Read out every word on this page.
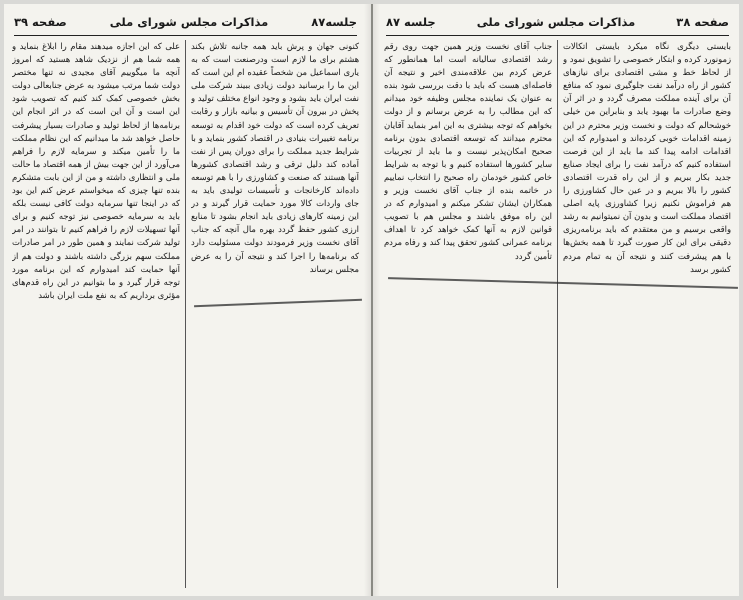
جلسه۸۷
مذاکرات مجلس شورای ملی
صفحه ۳۹

کنونی جهان و پرش باید همه جانبه تلاش بکند هشتم برای ما لازم است ودرصنعت است که به یاری اسماعیل من شخصاً عقیده ام این است که این ما را برسانید دولت زیادی ببیند شرکت ملی نفت ایران باید بشود و وجود انواع مختلف تولید و پخش در بیرون آن تأسیس و بیانیه بازار و رقابت تعریف کرده است که دولت خود اقدام به توسعه برنامه تغییرات بنیادی در اقتصاد کشور بنماید و با شرایط جدید مملکت را برای دوران پس از نفت آماده کند دلیل ترقی و رشد اقتصادی کشورها آنها هستند که صنعت و کشاورزی را با هم توسعه داده‌اند کارخانجات و تأسیسات تولیدی باید به جای واردات کالا مورد حمایت قرار گیرند و در این زمینه کارهای زیادی باید انجام بشود تا منابع ارزی کشور حفظ گردد بهره‌ مال آنچه که جناب آقای نخست وزیر فرمودند دولت مسئولیت دارد که برنامه‌ها را اجرا کند و نتیجه آن را به عرض مجلس برساند

علی که این اجازه میدهند مقام را ابلاغ بنماید و همه شما هم از نزدیک شاهد هستید که امروز آنچه ما میگوییم آقای مجیدی نه تنها مختصر دولت شما مرتب میشود به عرض جنابعالی دولت بخش خصوصی کمک کند کنیم که تصویب شود این است و آن این است که در اثر انجام این برنامه‌ها از لحاظ تولید و صادرات بسیار پیشرفت حاصل خواهد شد ما میدانیم که این نظام مملکت ما را تأمین میکند و سرمایه لازم را فراهم می‌آورد از این جهت بیش از همه اقتصاد ما حالت ملی و انتظاری داشته و من از این بابت متشکرم بنده تنها چیزی که میخواستم عرض کنم این بود که در اینجا تنها سرمایه دولت کافی نیست بلکه باید به سرمایه خصوصی نیز توجه کنیم و برای آنها تسهیلات لازم را فراهم کنیم تا بتوانند در امر تولید شرکت نمایند و همین طور در امر صادرات مملکت سهم بزرگی داشته باشند و دولت هم از آنها حمایت کند امیدوارم که این برنامه مورد توجه قرار گیرد و ما بتوانیم در این راه قدم‌های مؤثری برداریم که به نفع ملت ایران باشد

صفحه ۳۸
مذاکرات مجلس شورای ملی
جلسه ۸۷

بایستی دیگری نگاه میکرد بایستی اتکالات زمونورد کرده و ابتکار خصوصی را تشویق نمود و از لحاظ خط و مشی اقتصادی برای نیازهای کشور از راه درآمد نفت جلوگیری نمود که منافع آن برای آینده مملکت مصرف گردد و در اثر آن وضع صادرات ما بهبود یابد و بنابراین من خیلی خوشحالم که دولت و نخست وزیر محترم در این زمینه اقدامات خوبی کرده‌اند و امیدوارم که این اقدامات ادامه پیدا کند ما باید از این فرصت استفاده کنیم که درآمد نفت را برای ایجاد صنایع جدید بکار ببریم و از این راه قدرت اقتصادی کشور را بالا ببریم و در عین حال کشاورزی را هم فراموش نکنیم زیرا کشاورزی پایه اصلی اقتصاد مملکت است و بدون آن نمیتوانیم به رشد واقعی برسیم و من معتقدم که باید برنامه‌ریزی دقیقی برای این کار صورت گیرد تا همه بخش‌ها با هم پیشرفت کنند و نتیجه آن به تمام مردم کشور برسد

جناب آقای نخست وزیر همین جهت روی رقم رشد اقتصادی سالیانه است اما همانطور که عرض کردم بین علاقه‌مندی اخیر و نتیجه آن فاصله‌ای هست که باید با دقت بررسی شود بنده به عنوان یک نماینده مجلس وظیفه خود میدانم که این مطالب را به عرض برسانم و از دولت بخواهم که توجه بیشتری به این امر بنماید آقایان محترم میدانند که توسعه اقتصادی بدون برنامه صحیح امکان‌پذیر نیست و ما باید از تجربیات سایر کشورها استفاده کنیم و با توجه به شرایط خاص کشور خودمان راه صحیح را انتخاب نماییم در خاتمه بنده از جناب آقای نخست وزیر و همکاران ایشان تشکر میکنم و امیدوارم که در این راه موفق باشند و مجلس هم با تصویب قوانین لازم به آنها کمک خواهد کرد تا اهداف برنامه عمرانی کشور تحقق پیدا کند و رفاه مردم تأمین گردد
